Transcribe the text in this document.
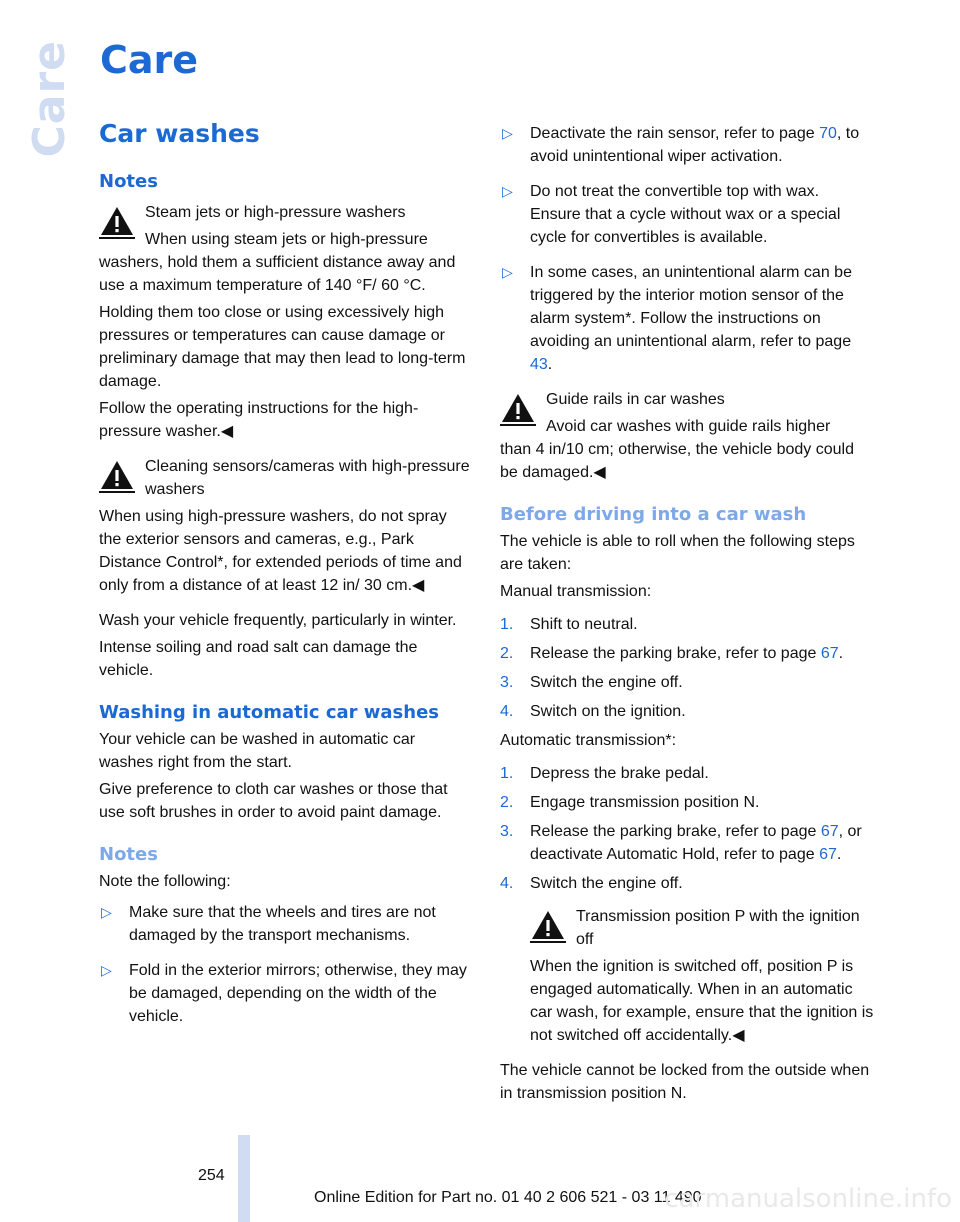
Care Care
Car washes
Notes

Steam jets or high-pressure washers

When using steam jets or high-pressure

washers, hold them a sufficient distance away and use a maximum temperature of 140 °F/ 60 °C.

Holding them too close or using excessively high pressures or temperatures can cause damage or preliminary damage that may then lead to long-term damage.

Follow the operating instructions for the high-pressure washer.◀

Cleaning sensors/cameras with high-pressure washers

When using high-pressure washers, do not spray the exterior sensors and cameras, e.g., Park Distance Control*, for extended periods of time and only from a distance of at least 12 in/ 30 cm.◀

Wash your vehicle frequently, particularly in winter.

Intense soiling and road salt can damage the vehicle.

Washing in automatic car washes

Your vehicle can be washed in automatic car washes right from the start.

Give preference to cloth car washes or those that use soft brushes in order to avoid paint damage.

Notes

Note the following:

▷ Make sure that the wheels and tires are not damaged by the transport mechanisms.
▷ Fold in the exterior mirrors; otherwise, they may be damaged, depending on the width of the vehicle.
▷ Deactivate the rain sensor, refer to page 70, to avoid unintentional wiper activation.
▷ Do not treat the convertible top with wax. Ensure that a cycle without wax or a special cycle for convertibles is available.
▷ In some cases, an unintentional alarm can be triggered by the interior motion sensor of the alarm system*. Follow the instructions on avoiding an unintentional alarm, refer to page 43.

Guide rails in car washes

Avoid car washes with guide rails higher

than 4 in/10 cm; otherwise, the vehicle body could be damaged.◀

Before driving into a car wash

The vehicle is able to roll when the following steps are taken:

Manual transmission:

1. Shift to neutral.
2. Release the parking brake, refer to page 67.
3. Switch the engine off.
4. Switch on the ignition.

Automatic transmission*:

1. Depress the brake pedal.
2. Engage transmission position N.
3. Release the parking brake, refer to page 67, or deactivate Automatic Hold, refer to page 67.
4. Switch the engine off.

Transmission position P with the ignition off

When the ignition is switched off, position P is engaged automatically. When in an automatic car wash, for example, ensure that the ignition is not switched off accidentally.◀

The vehicle cannot be locked from the outside when in transmission position N.

254
Online Edition for Part no. 01 40 2 606 521 - 03 11 490
carmanualsonline.info
